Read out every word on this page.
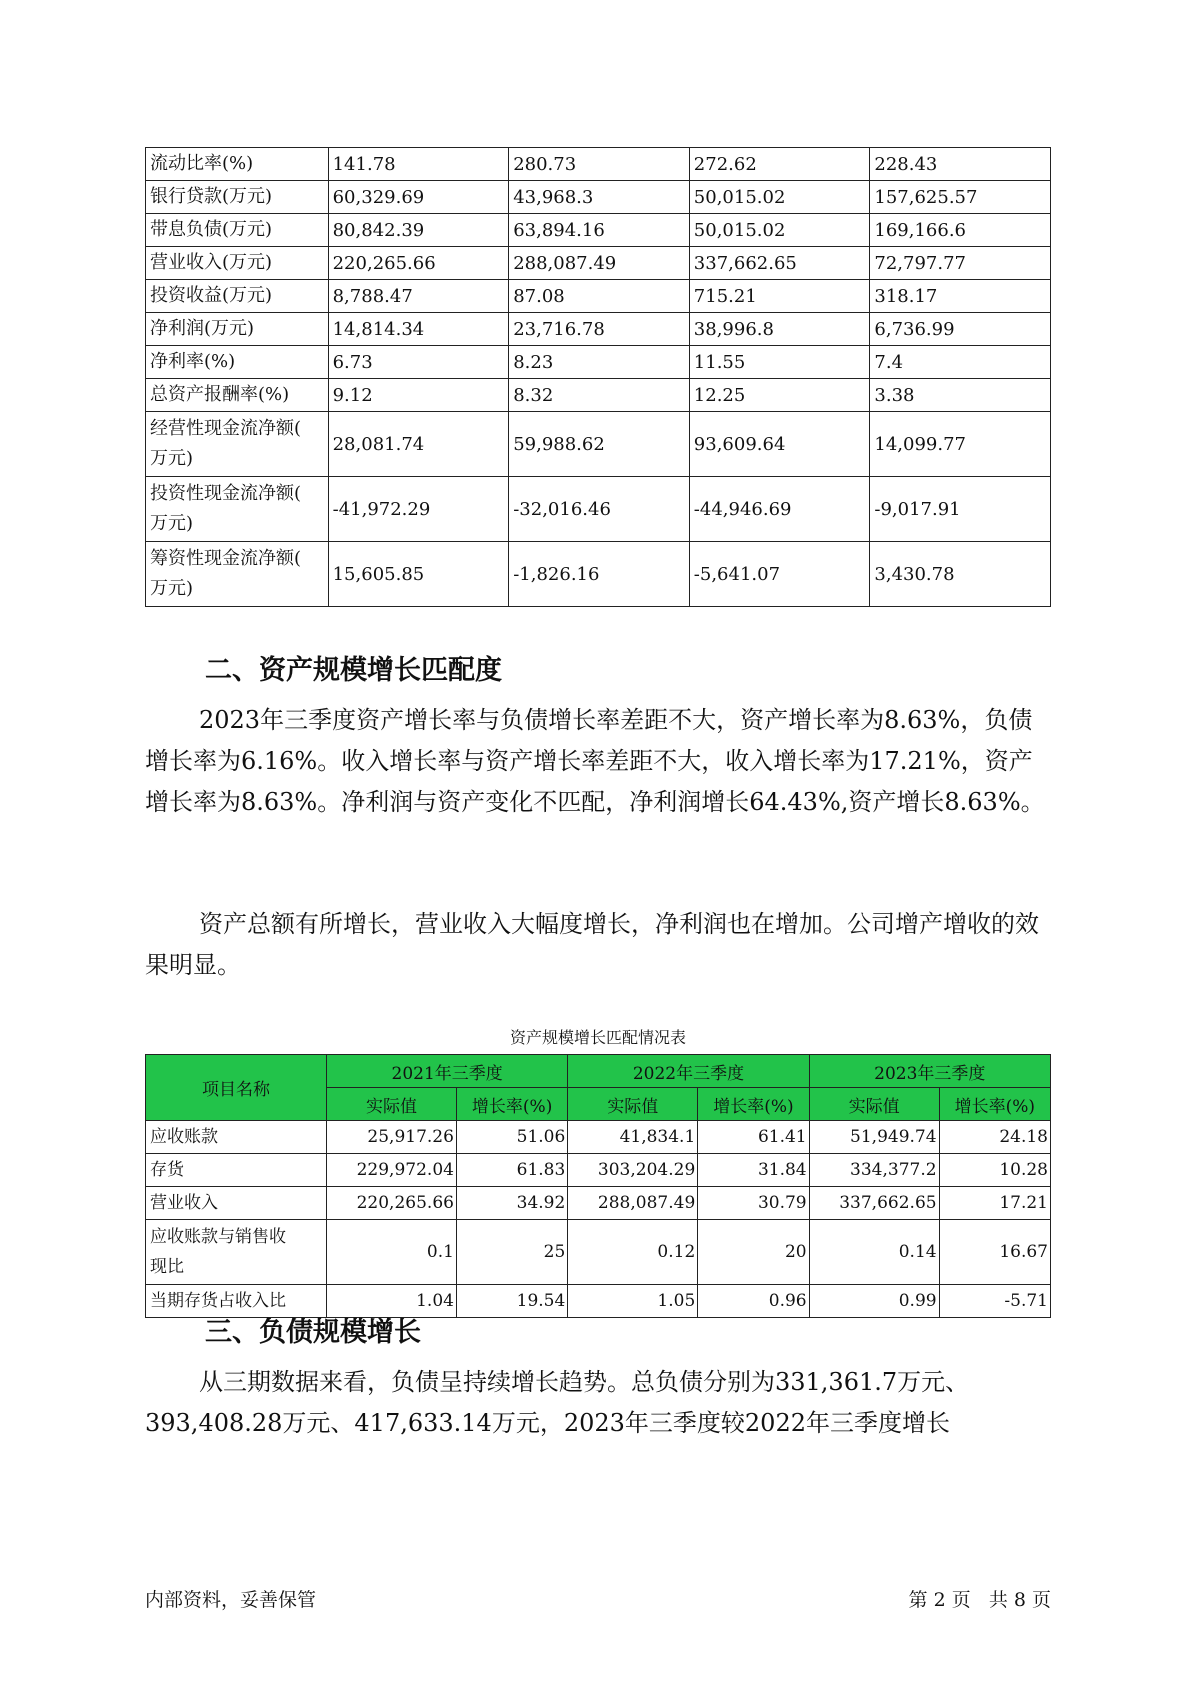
流动比率(%)	141.78	280.73	272.62	228.43

银行贷款(万元)	60,329.69	43,968.3	50,015.02	157,625.57

带息负债(万元)	80,842.39	63,894.16	50,015.02	169,166.6

营业收入(万元)	220,265.66	288,087.49	337,662.65	72,797.77

投资收益(万元)	8,788.47	87.08	715.21	318.17

净利润(万元)	14,814.34	23,716.78	38,996.8	6,736.99

净利率(%)	6.73	8.23	11.55	7.4

总资产报酬率(%)	9.12	8.32	12.25	3.38

经营性现金流净额(
万元)	28,081.74	59,988.62	93,609.64	14,099.77

投资性现金流净额(
万元)	-41,972.29	-32,016.46	-44,946.69	-9,017.91

筹资性现金流净额(
万元)	15,605.85	-1,826.16	-5,641.07	3,430.78
二、资产规模增长匹配度

2023年三季度资产增长率与负债增长率差距不大，资产增长率为8.63%，负债增长率为6.16%。收入增长率与资产增长率差距不大，收入增长率为17.21%，资产增长率为8.63%。净利润与资产变化不匹配，净利润增长64.43%,资产增长8.63%。

资产总额有所增长，营业收入大幅度增长，净利润也在增加。公司增产增收的效果明显。

资产规模增长匹配情况表
项目名称	2021年三季度		2022年三季度		2023年三季度	
	实际值	增长率(%)	实际值	增长率(%)	实际值	增长率(%)

应收账款	25,917.26	51.06	41,834.1	61.41	51,949.74	24.18

存货	229,972.04	61.83	303,204.29	31.84	334,377.2	10.28

营业收入	220,265.66	34.92	288,087.49	30.79	337,662.65	17.21

应收账款与销售收
现比	0.1	25	0.12	20	0.14	16.67

当期存货占收入比	1.04	19.54	1.05	0.96	0.99	-5.71
三、负债规模增长

从三期数据来看，负债呈持续增长趋势。总负债分别为331,361.7万元、393,408.28万元、417,633.14万元，2023年三季度较2022年三季度增长

内部资料，妥善保管	第 2 页   共 8 页
